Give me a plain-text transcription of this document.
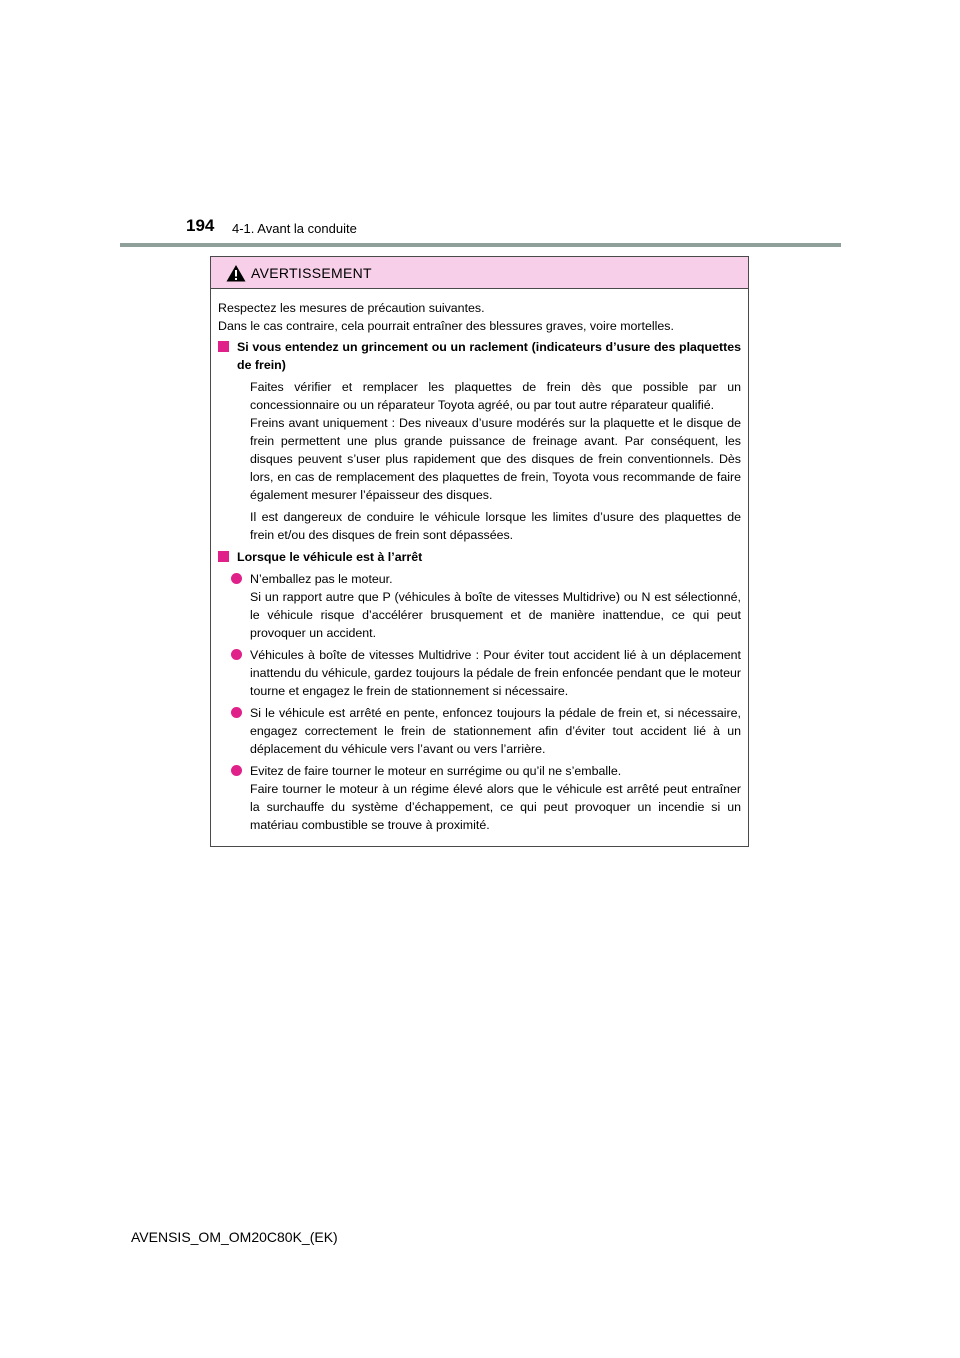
194 4-1. Avant la conduite
AVERTISSEMENT

Respectez les mesures de précaution suivantes.
Dans le cas contraire, cela pourrait entraîner des blessures graves, voire mortelles.

Si vous entendez un grincement ou un raclement (indicateurs d’usure des plaquettes de frein)

Faites vérifier et remplacer les plaquettes de frein dès que possible par un concessionnaire ou un réparateur Toyota agréé, ou par tout autre réparateur qualifié.
Freins avant uniquement : Des niveaux d’usure modérés sur la plaquette et le disque de frein permettent une plus grande puissance de freinage avant. Par conséquent, les disques peuvent s’user plus rapidement que des disques de frein conventionnels. Dès lors, en cas de remplacement des plaquettes de frein, Toyota vous recommande de faire également mesurer l’épaisseur des disques.

Il est dangereux de conduire le véhicule lorsque les limites d’usure des plaquettes de frein et/ou des disques de frein sont dépassées.

Lorsque le véhicule est à l’arrêt
N’emballez pas le moteur.
Si un rapport autre que P (véhicules à boîte de vitesses Multidrive) ou N est sélectionné, le véhicule risque d’accélérer brusquement et de manière inattendue, ce qui peut provoquer un accident.
Véhicules à boîte de vitesses Multidrive : Pour éviter tout accident lié à un déplacement inattendu du véhicule, gardez toujours la pédale de frein enfoncée pendant que le moteur tourne et engagez le frein de stationnement si nécessaire.
Si le véhicule est arrêté en pente, enfoncez toujours la pédale de frein et, si nécessaire, engagez correctement le frein de stationnement afin d’éviter tout accident lié à un déplacement du véhicule vers l’avant ou vers l’arrière.
Evitez de faire tourner le moteur en surrégime ou qu’il ne s’emballe.
Faire tourner le moteur à un régime élevé alors que le véhicule est arrêté peut entraîner la surchauffe du système d’échappement, ce qui peut provoquer un incendie si un matériau combustible se trouve à proximité.
AVENSIS_OM_OM20C80K_(EK)
